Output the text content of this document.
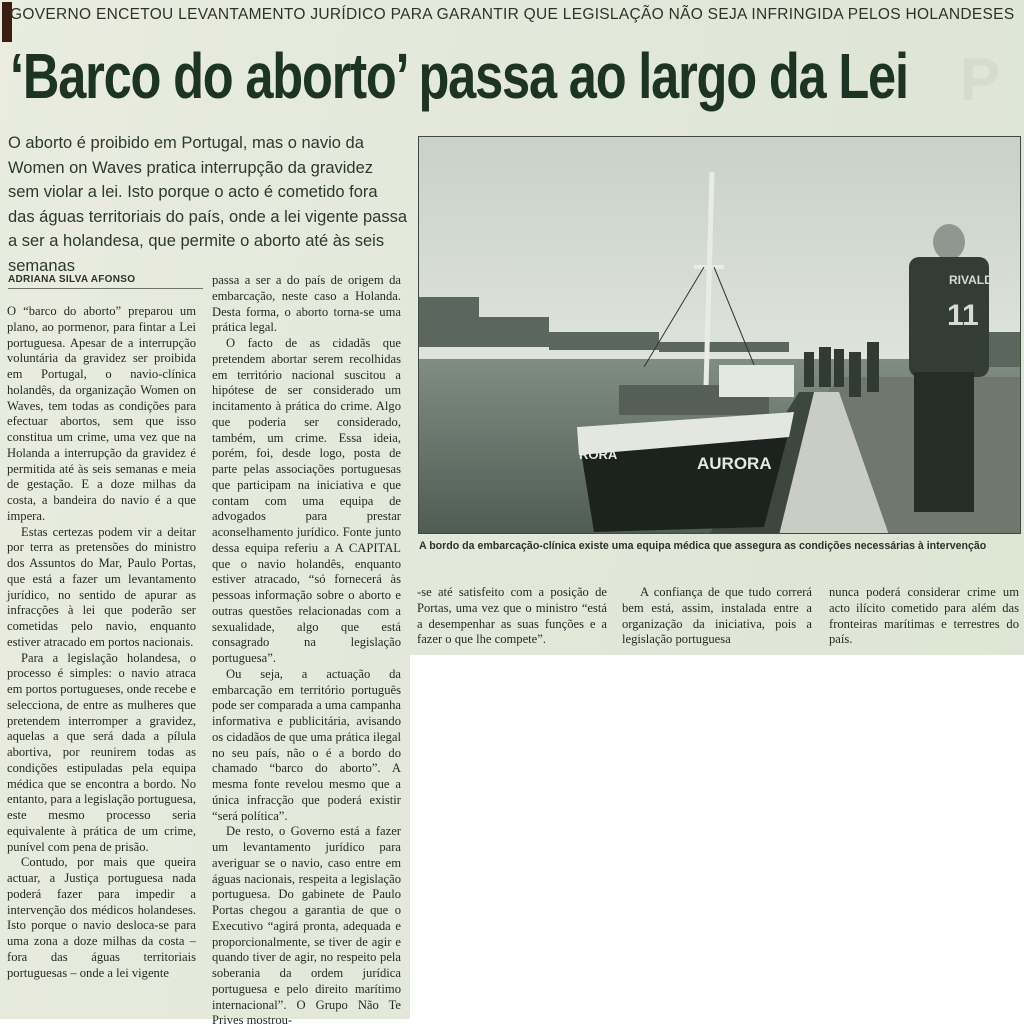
GOVERNO ENCETOU LEVANTAMENTO JURÍDICO PARA GARANTIR QUE LEGISLAÇÃO NÃO SEJA INFRINGIDA PELOS HOLANDESES
‘Barco do aborto’ passa ao largo da Lei P
O aborto é proibido em Portugal, mas o navio da Women on Waves pratica interrupção da gravidez sem violar a lei. Isto porque o acto é cometido fora das águas territoriais do país, onde a lei vigente passa a ser a holandesa, que permite o aborto até às seis semanas
ADRIANA SILVA AFONSO

O “barco do aborto” preparou um plano, ao pormenor, para fintar a Lei portuguesa. Apesar de a interrupção voluntária da gravidez ser proibida em Portugal, o navio-clínica holandês, da organização Women on Waves, tem todas as condições para efectuar abortos, sem que isso constitua um crime, uma vez que na Holanda a interrupção da gravidez é permitida até às seis semanas e meia de gestação. E a doze milhas da costa, a bandeira do navio é a que impera.

Estas certezas podem vir a deitar por terra as pretensões do ministro dos Assuntos do Mar, Paulo Portas, que está a fazer um levantamento jurídico, no sentido de apurar as infracções à lei que poderão ser cometidas pelo navio, enquanto estiver atracado em portos nacionais.

Para a legislação holandesa, o processo é simples: o navio atraca em portos portugueses, onde recebe e selecciona, de entre as mulheres que pretendem interromper a gravidez, aquelas a que será dada a pílula abortiva, por reunirem todas as condições estipuladas pela equipa médica que se encontra a bordo. No entanto, para a legislação portuguesa, este mesmo processo seria equivalente à prática de um crime, punível com pena de prisão.

Contudo, por mais que queira actuar, a Justiça portuguesa nada poderá fazer para impedir a intervenção dos médicos holandeses. Isto porque o navio desloca-se para uma zona a doze milhas da costa – fora das águas territoriais portuguesas – onde a lei vigente

passa a ser a do país de origem da embarcação, neste caso a Holanda. Desta forma, o aborto torna-se uma prática legal.

O facto de as cidadãs que pretendem abortar serem recolhidas em território nacional suscitou a hipótese de ser considerado um incitamento à prática do crime. Algo que poderia ser considerado, também, um crime. Essa ideia, porém, foi, desde logo, posta de parte pelas associações portuguesas que participam na iniciativa e que contam com uma equipa de advogados para prestar aconselhamento jurídico. Fonte junto dessa equipa referiu a A CAPITAL que o navio holandês, enquanto estiver atracado, “só fornecerá às pessoas informação sobre o aborto e outras questões relacionadas com a sexualidade, algo que está consagrado na legislação portuguesa”.

Ou seja, a actuação da embarcação em território português pode ser comparada a uma campanha informativa e publicitária, avisando os cidadãos de que uma prática ilegal no seu país, não o é a bordo do chamado “barco do aborto”. A mesma fonte revelou mesmo que a única infracção que poderá existir “será política”.

De resto, o Governo está a fazer um levantamento jurídico para averiguar se o navio, caso entre em águas nacionais, respeita a legislação portuguesa. Do gabinete de Paulo Portas chegou a garantia de que o Executivo “agirá pronta, adequada e proporcionalmente, se tiver de agir e quando tiver de agir, no respeito pela soberania da ordem jurídica portuguesa e pelo direito marítimo internacional”. O Grupo Não Te Prives mostrou-

AURORA
RORA
RIVALDO
11
A bordo da embarcação-clínica existe uma equipa médica que assegura as condições necessárias à intervenção

-se até satisfeito com a posição de Portas, uma vez que o ministro “está a desempenhar as suas funções e a fazer o que lhe compete”.

A confiança de que tudo correrá bem está, assim, instalada entre a organização da iniciativa, pois a legislação portuguesa

nunca poderá considerar crime um acto ilícito cometido para além das fronteiras marítimas e terrestres do país.
